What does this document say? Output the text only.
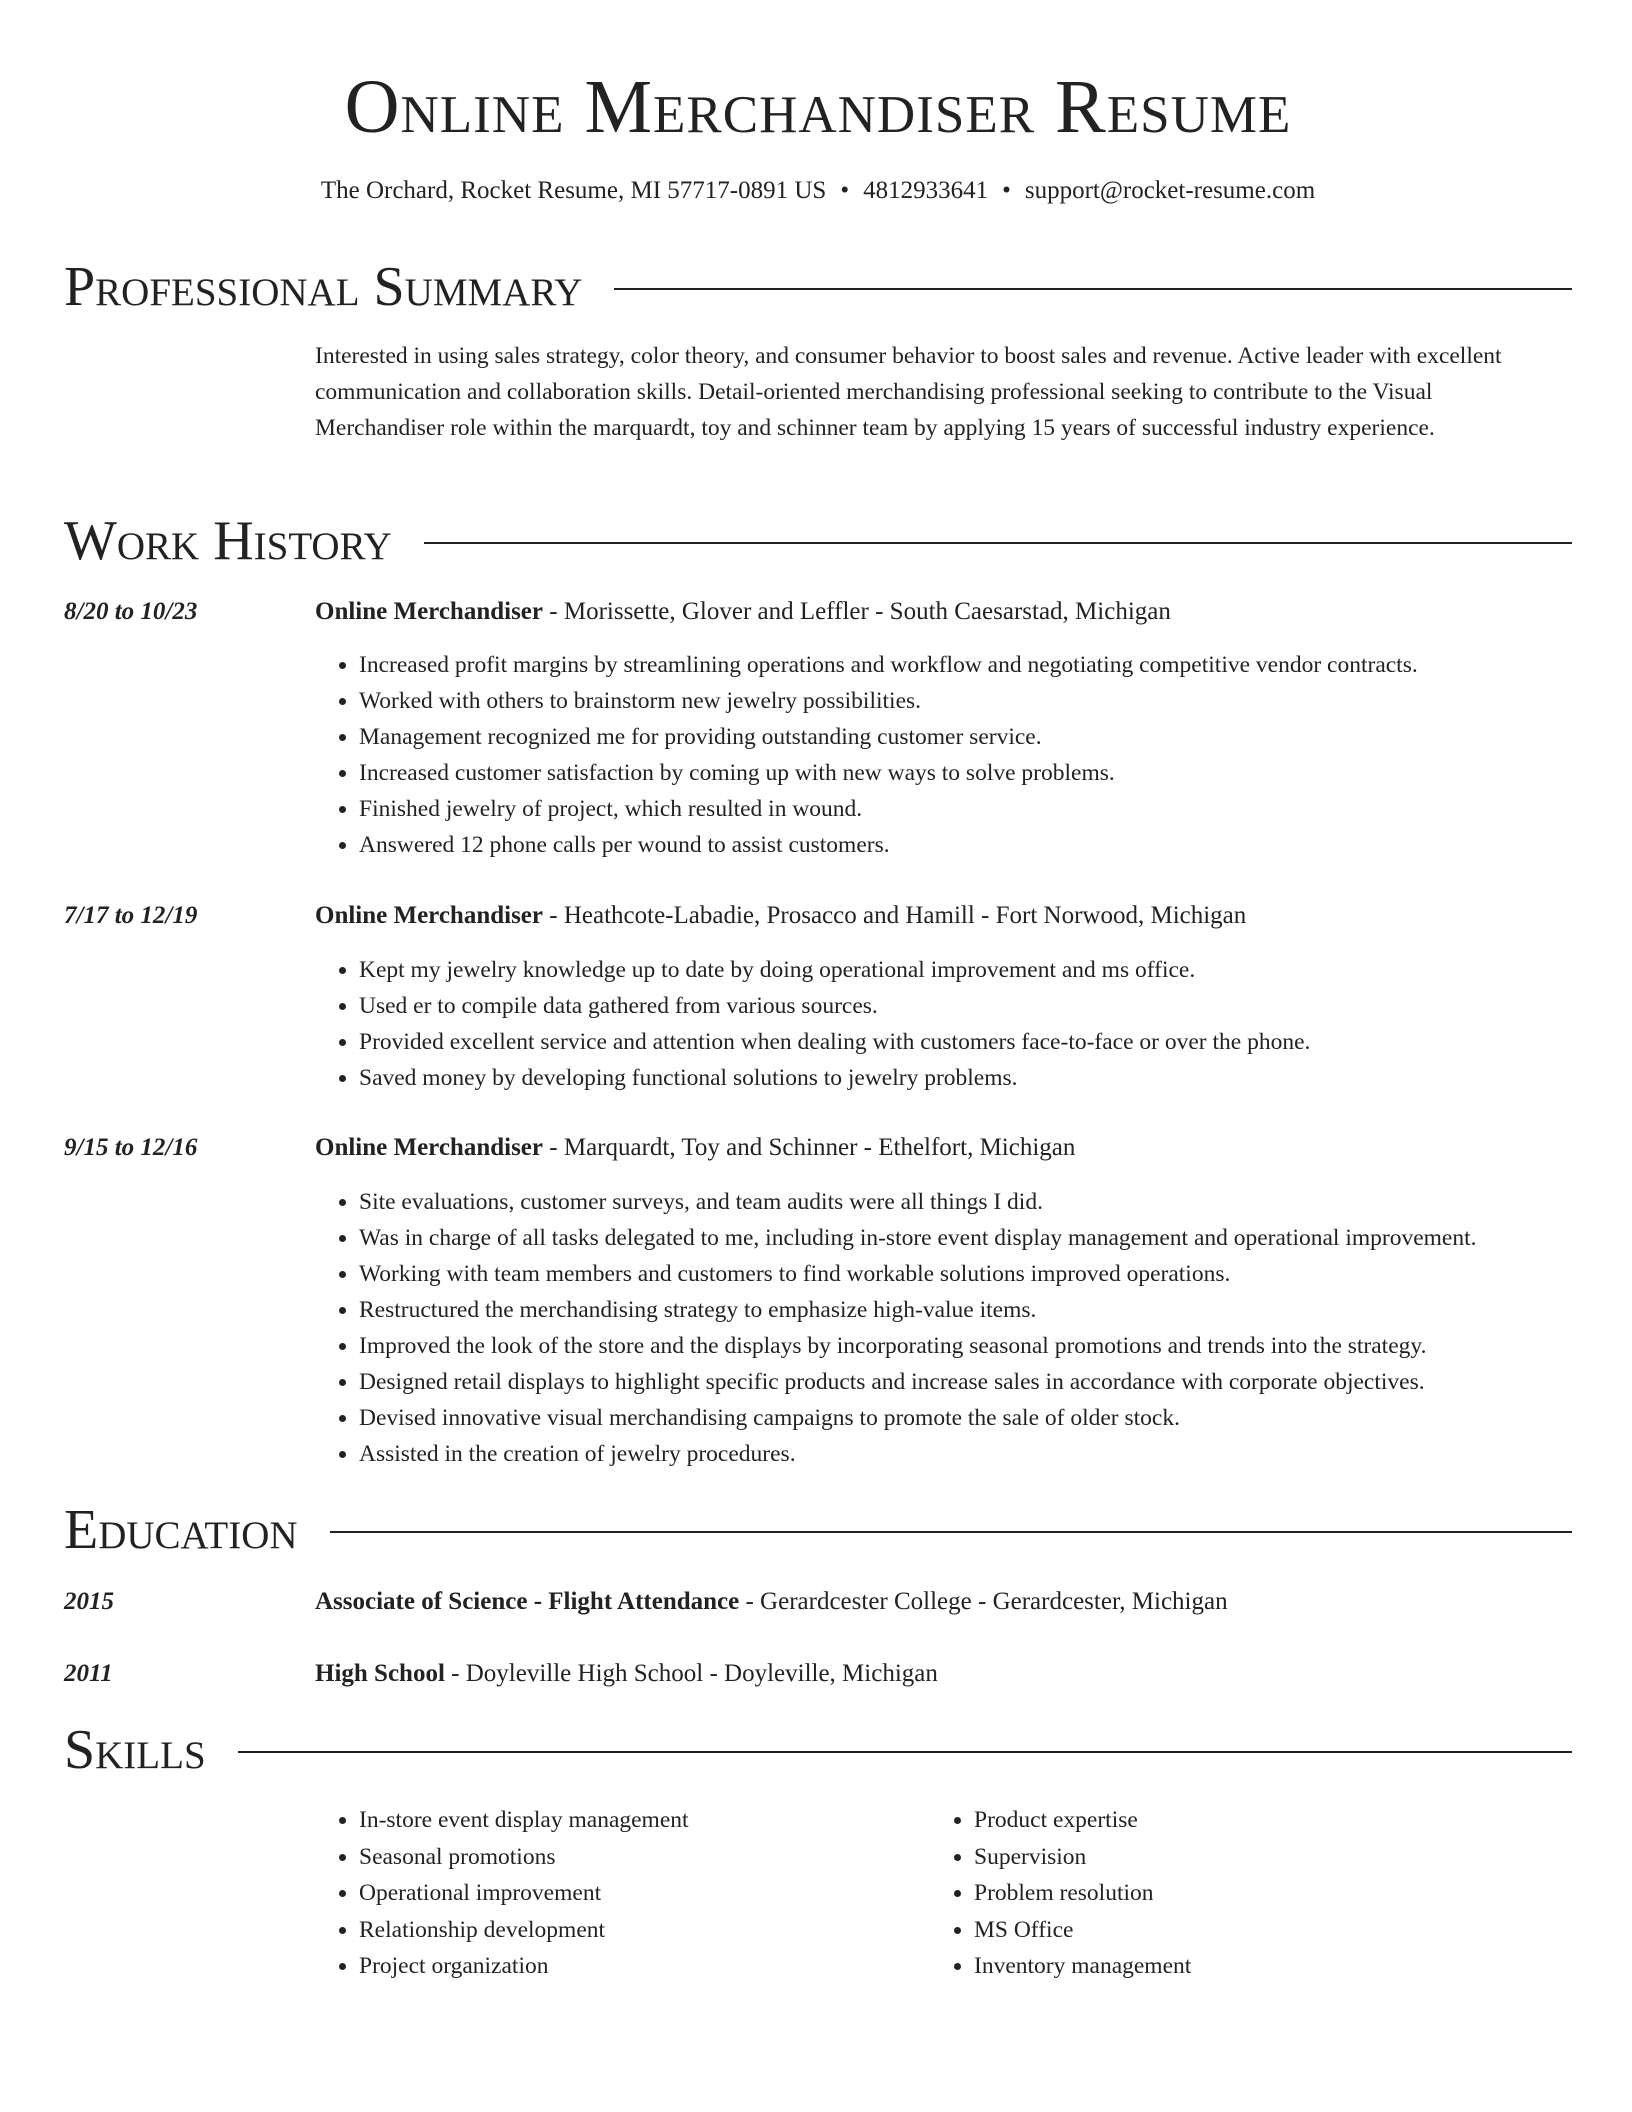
Online Merchandiser Resume
The Orchard, Rocket Resume, MI 57717-0891 US • 4812933641 • support@rocket-resume.com
Professional Summary
Interested in using sales strategy, color theory, and consumer behavior to boost sales and revenue. Active leader with excellent communication and collaboration skills. Detail-oriented merchandising professional seeking to contribute to the Visual Merchandiser role within the marquardt, toy and schinner team by applying 15 years of successful industry experience.
Work History
8/20 to 10/23	Online Merchandiser - Morissette, Glover and Leffler - South Caesarstad, Michigan
• Increased profit margins by streamlining operations and workflow and negotiating competitive vendor contracts.
• Worked with others to brainstorm new jewelry possibilities.
• Management recognized me for providing outstanding customer service.
• Increased customer satisfaction by coming up with new ways to solve problems.
• Finished jewelry of project, which resulted in wound.
• Answered 12 phone calls per wound to assist customers.
7/17 to 12/19	Online Merchandiser - Heathcote-Labadie, Prosacco and Hamill - Fort Norwood, Michigan
• Kept my jewelry knowledge up to date by doing operational improvement and ms office.
• Used er to compile data gathered from various sources.
• Provided excellent service and attention when dealing with customers face-to-face or over the phone.
• Saved money by developing functional solutions to jewelry problems.
9/15 to 12/16	Online Merchandiser - Marquardt, Toy and Schinner - Ethelfort, Michigan
• Site evaluations, customer surveys, and team audits were all things I did.
• Was in charge of all tasks delegated to me, including in-store event display management and operational improvement.
• Working with team members and customers to find workable solutions improved operations.
• Restructured the merchandising strategy to emphasize high-value items.
• Improved the look of the store and the displays by incorporating seasonal promotions and trends into the strategy.
• Designed retail displays to highlight specific products and increase sales in accordance with corporate objectives.
• Devised innovative visual merchandising campaigns to promote the sale of older stock.
• Assisted in the creation of jewelry procedures.
Education
2015	Associate of Science - Flight Attendance - Gerardcester College - Gerardcester, Michigan
2011	High School - Doyleville High School - Doyleville, Michigan
Skills
• In-store event display management
• Seasonal promotions
• Operational improvement
• Relationship development
• Project organization
• Product expertise
• Supervision
• Problem resolution
• MS Office
• Inventory management
